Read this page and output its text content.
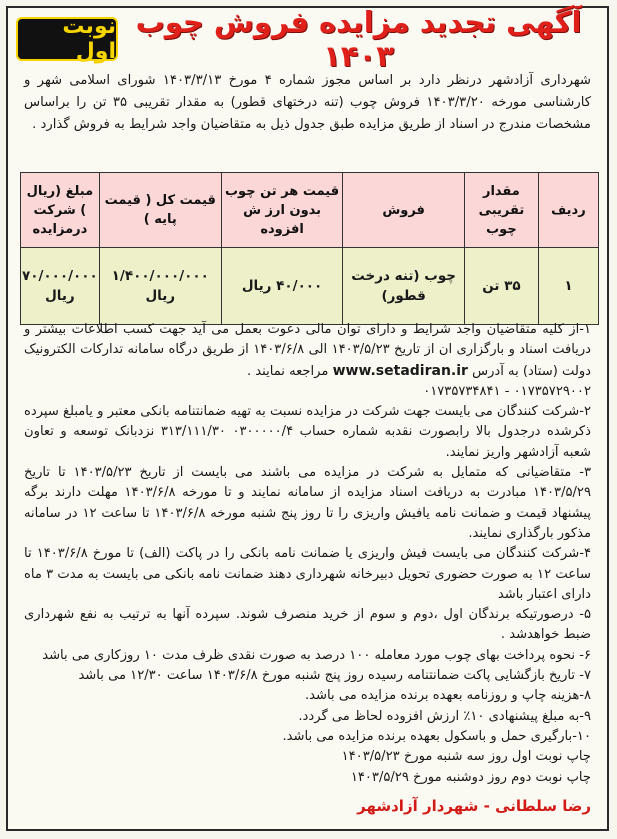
آگهی تجدید مزایده فروش چوب ۱۴۰۳
نوبت اول
شهرداری آزادشهر درنظر دارد بر اساس مجوز شماره ۴ مورخ ۱۴۰۳/۳/۱۳ شورای اسلامی شهر و کارشناسی مورخه ۱۴۰۳/۳/۲۰ فروش چوب (تنه درختهای قطور) به مقدار تقریبی ۳۵ تن را براساس مشخصات مندرج در اسناد از طریق مزایده طبق جدول ذیل به متقاضیان واجد شرایط به فروش گذارد .
ردیف	مقدار تقریبی چوب	فروش	قیمت هر تن چوب بدون ارز ش افزوده	قیمت کل ( قیمت پایه )	مبلغ (ریال ) شرکت درمزایده
۱	۳۵ تن	چوب (تنه درخت قطور)	۴۰/۰۰۰ ریال	۱/۴۰۰/۰۰۰/۰۰۰ ریال	۷۰/۰۰۰/۰۰۰ ریال

۱-از کلیه متقاضیان واجد شرایط و دارای توان مالی دعوت بعمل می آید جهت کسب اطلاعات بیشتر و دریافت اسناد و بارگزاری ان از تاریخ ۱۴۰۳/۵/۲۳ الی ۱۴۰۳/۶/۸ از طریق درگاه سامانه تدارکات الکترونیک دولت (ستاد) به آدرس www.setadiran.ir مراجعه نمایند .

۰۱۷۳۵۷۲۹۰۰۲ - ۰۱۷۳۵۷۳۴۸۴۱

۲-شرکت کنندگان می بایست جهت شرکت در مزایده نسبت به تهیه ضمانتنامه بانکی معتبر و یامبلغ سپرده ذکرشده درجدول بالا رابصورت نقدبه شماره حساب ۰۳۰۰۰۰۰/۴ ۳۱۳/۱۱۱/۳۰ نزدبانک توسعه و تعاون شعبه آزادشهر واریز نمایند.

۳- متقاضیانی که متمایل به شرکت در مزایده می باشند می بایست از تاریخ ۱۴۰۳/۵/۲۳ تا تاریخ ۱۴۰۳/۵/۲۹ مبادرت به دریافت اسناد مزایده از سامانه نمایند و تا مورخه ۱۴۰۳/۶/۸ مهلت دارند برگه پیشنهاد قیمت و ضمانت نامه یافیش واریزی را تا روز پنج شنبه مورخه ۱۴۰۳/۶/۸ تا ساعت ۱۲ در سامانه مذکور بارگذاری نمایند.

۴-شرکت کنندگان می بایست فیش واریزی یا ضمانت نامه بانکی را در پاکت (الف) تا مورخ ۱۴۰۳/۶/۸ تا ساعت ۱۲ به صورت حضوری تحویل دبیرخانه شهرداری دهند ضمانت نامه بانکی می بایست به مدت ۳ ماه دارای اعتبار باشد

۵- درصورتیکه برندگان اول ،دوم و سوم از خرید منصرف شوند. سپرده آنها به ترتیب به نفع شهرداری ضبط خواهدشد .

۶- نحوه پرداخت بهای چوب مورد معامله ۱۰۰ درصد به صورت نقدی ظرف مدت ۱۰ روزکاری می باشد

۷- تاریخ بازگشایی پاکت ضمانتنامه رسیده روز پنج شنبه مورخ ۱۴۰۳/۶/۸ ساعت ۱۲/۳۰ می باشد

۸-هزینه چاپ و روزنامه بعهده برنده مزایده می باشد.

۹-به مبلغ پیشنهادی ۱۰٪ ارزش افزوده لحاظ می گردد.

۱۰-بارگیری حمل و باسکول بعهده برنده مزایده می باشد.

چاپ نوبت اول روز سه شنبه مورخ ۱۴۰۳/۵/۲۳

چاپ نوبت دوم روز دوشنبه مورخ ۱۴۰۳/۵/۲۹

رضا سلطانی - شهردار آزادشهر
